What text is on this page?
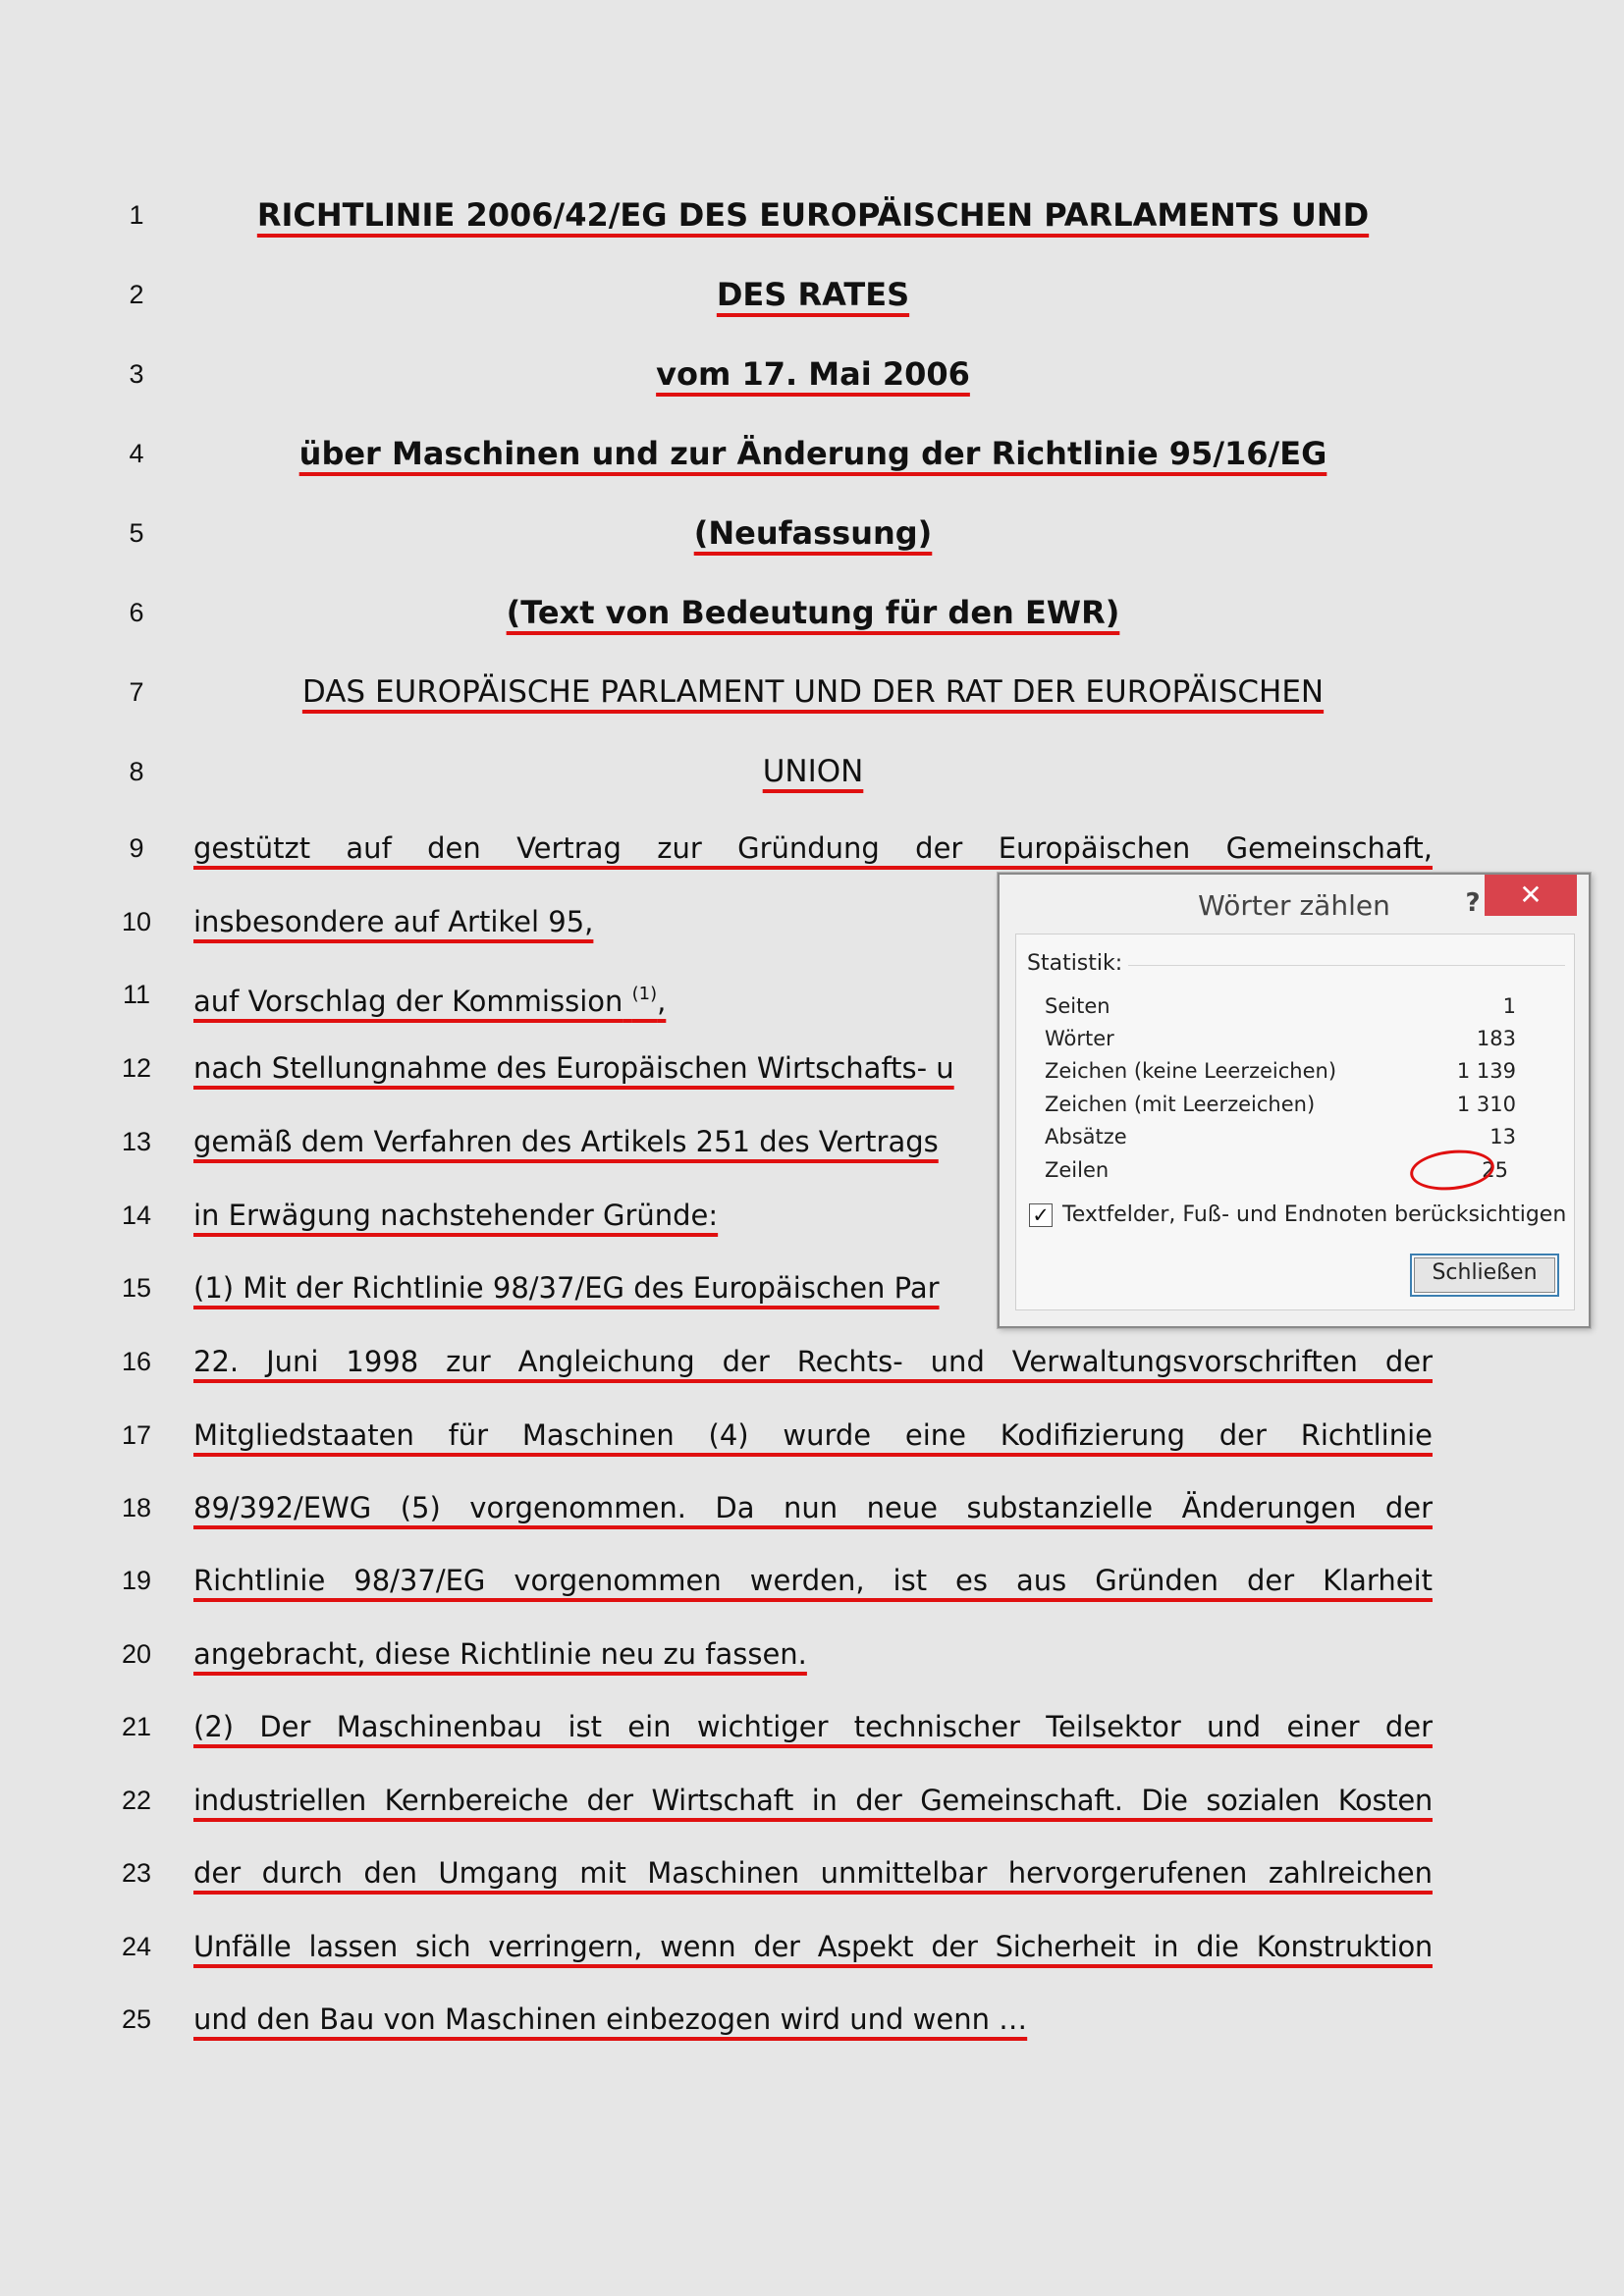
1	RICHTLINIE 2006/42/EG DES EUROPÄISCHEN PARLAMENTS UND
2	DES RATES
3	vom 17. Mai 2006
4	über Maschinen und zur Änderung der Richtlinie 95/16/EG
5	(Neufassung)
6	(Text von Bedeutung für den EWR)
7	DAS EUROPÄISCHE PARLAMENT UND DER RAT DER EUROPÄISCHEN
8	UNION
9	gestützt auf den Vertrag zur Gründung der Europäischen Gemeinschaft,
10	insbesondere auf Artikel 95,
11	auf Vorschlag der Kommission $^{(1)}$,
12	nach Stellungnahme des Europäischen Wirtschafts- u
13	gemäß dem Verfahren des Artikels 251 des Vertrags
14	in Erwägung nachstehender Gründe:
15	(1) Mit der Richtlinie 98/37/EG des Europäischen Par
16	22. Juni 1998 zur Angleichung der Rechts- und Verwaltungsvorschriften der
17	Mitgliedstaaten für Maschinen (4) wurde eine Kodifizierung der Richtlinie
18	89/392/EWG (5) vorgenommen. Da nun neue substanzielle Änderungen der
19	Richtlinie 98/37/EG vorgenommen werden, ist es aus Gründen der Klarheit
20	angebracht, diese Richtlinie neu zu fassen.
21	(2) Der Maschinenbau ist ein wichtiger technischer Teilsektor und einer der
22	industriellen Kernbereiche der Wirtschaft in der Gemeinschaft. Die sozialen Kosten
23	der durch den Umgang mit Maschinen unmittelbar hervorgerufenen zahlreichen
24	Unfälle lassen sich verringern, wenn der Aspekt der Sicherheit in die Konstruktion
25	und den Bau von Maschinen einbezogen wird und wenn …
Wörter zählen	?	✕
Statistik:
Seiten	1
Wörter	183
Zeichen (keine Leerzeichen)	1 139
Zeichen (mit Leerzeichen)	1 310
Absätze	13
Zeilen	25
✓ Textfelder, Fuß- und Endnoten berücksichtigen
Schließen
